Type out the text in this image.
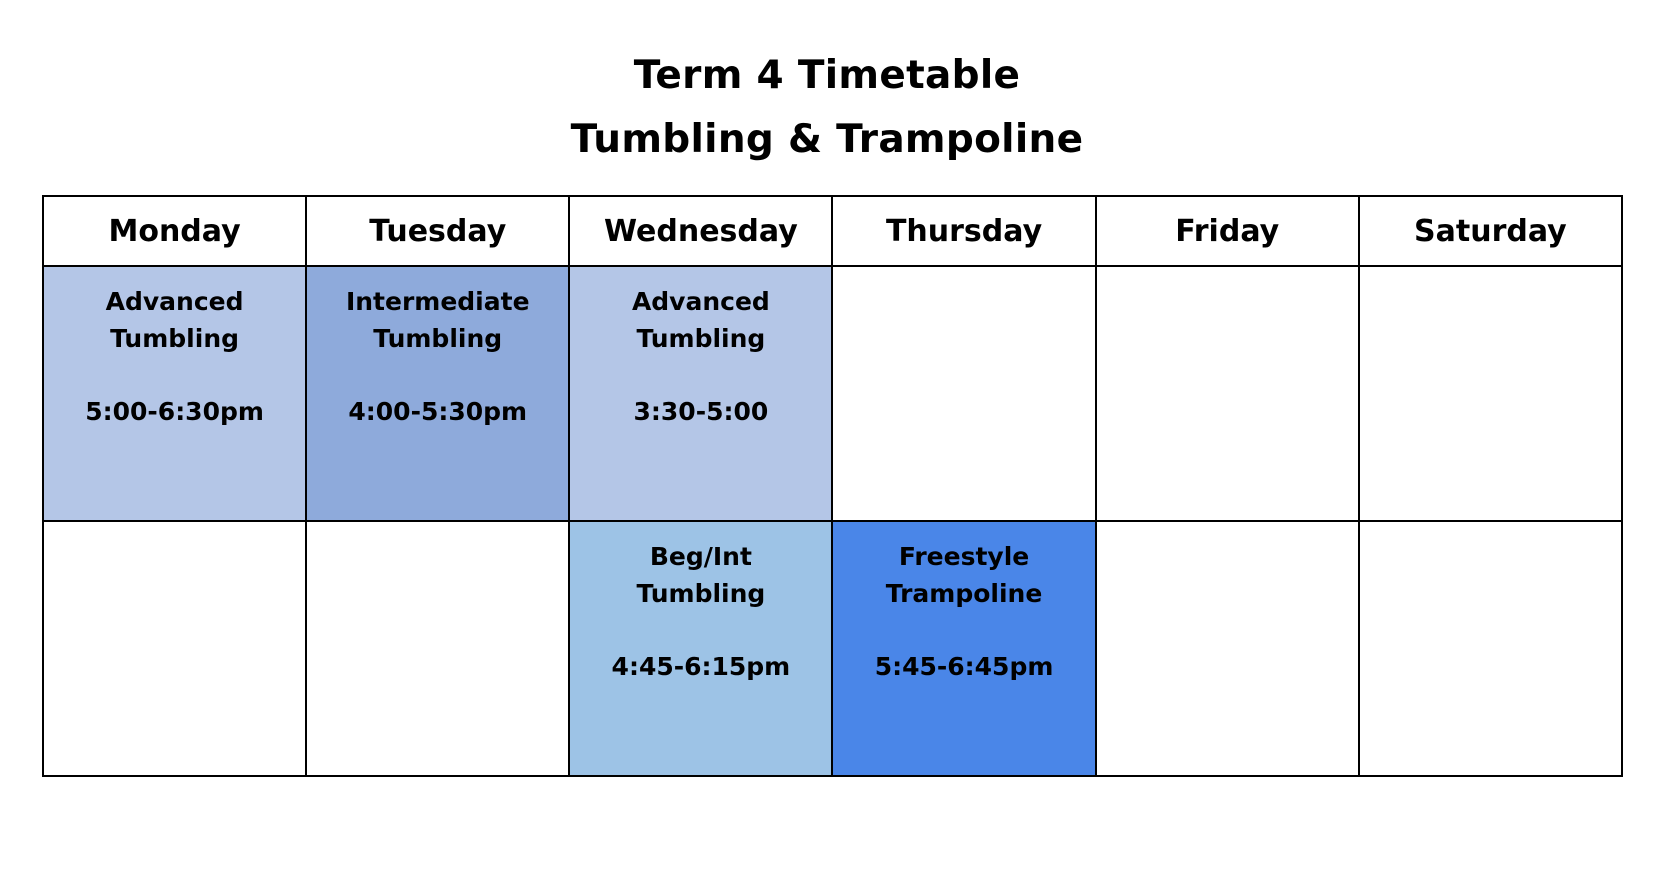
Term 4 Timetable
Tumbling & Trampoline
Monday	Tuesday	Wednesday	Thursday	Friday	Saturday

Advanced
Tumbling
5:00-6:30pm	Intermediate
Tumbling
4:00-5:30pm	Advanced
Tumbling
3:30-5:00			

		Beg/Int
Tumbling
4:45-6:15pm	Freestyle
Trampoline
5:45-6:45pm		
